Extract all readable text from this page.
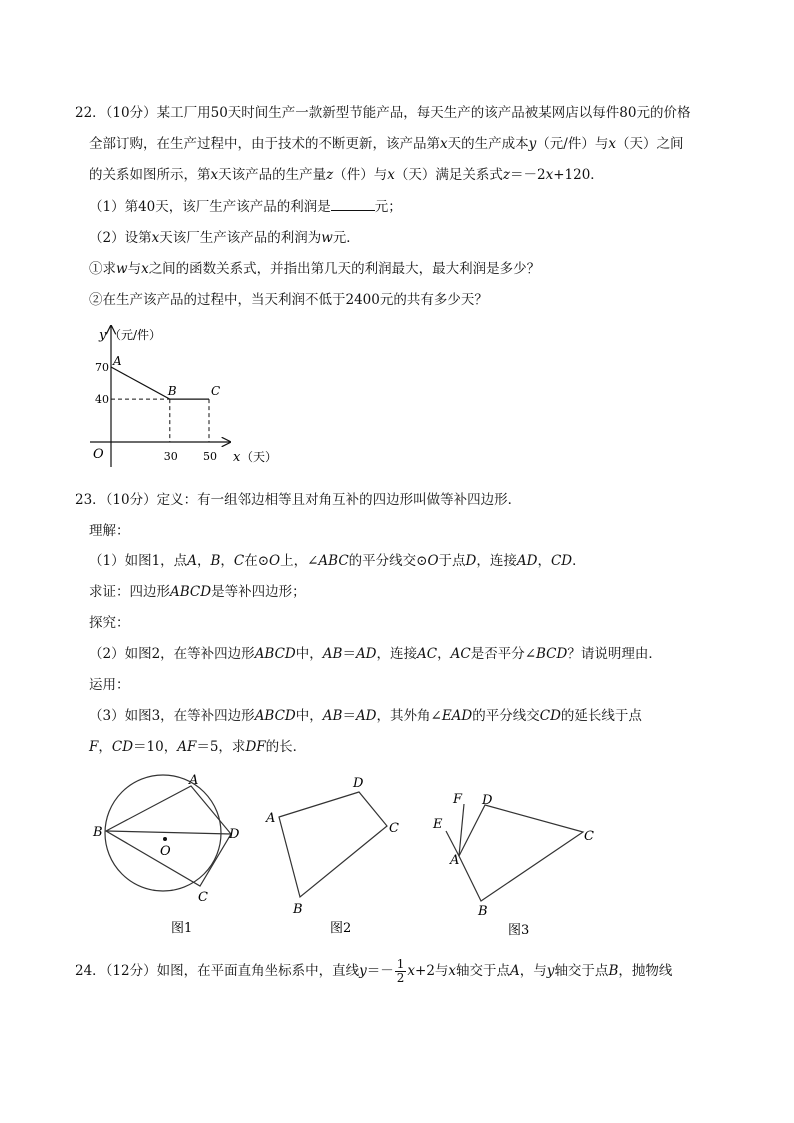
22．（10分）某工厂用50天时间生产一款新型节能产品，每天生产的该产品被某网店以每件80元的价格
全部订购，在生产过程中，由于技术的不断更新，该产品第x天的生产成本y（元/件）与x（天）之间
的关系如图所示，第x天该产品的生产量z（件）与x（天）满足关系式z＝－2x+120．
（1）第40天，该厂生产该产品的利润是	元；
（2）设第x天该厂生产该产品的利润为w元．
①求w与x之间的函数关系式，并指出第几天的利润最大，最大利润是多少？
②在生产该产品的过程中，当天利润不低于2400元的共有多少天？
y （元/件）
x （天）
O
70
40
30 50
A
B	C
23．（10分）定义：有一组邻边相等且对角互补的四边形叫做等补四边形．
理解：
（1）如图1，点A，B，C在⊙O上，∠ABC的平分线交⊙O于点D，连接AD，CD．
求证：四边形ABCD是等补四边形；
探究：
（2）如图2，在等补四边形ABCD中，AB＝AD，连接AC，AC是否平分∠BCD？请说明理由．
运用：
（3）如图3，在等补四边形ABCD中，AB＝AD，其外角∠EAD的平分线交CD的延长线于点
F，CD＝10，AF＝5，求DF的长．
A
B
C
D
O
图1
D
A
C
B
图2
F D
E
A
C
B
图3
24．（12分）如图，在平面直角坐标系中，直线$y=- \frac{1}{2} x+2$与x轴交于点A，与y轴交于点B，抛物线
